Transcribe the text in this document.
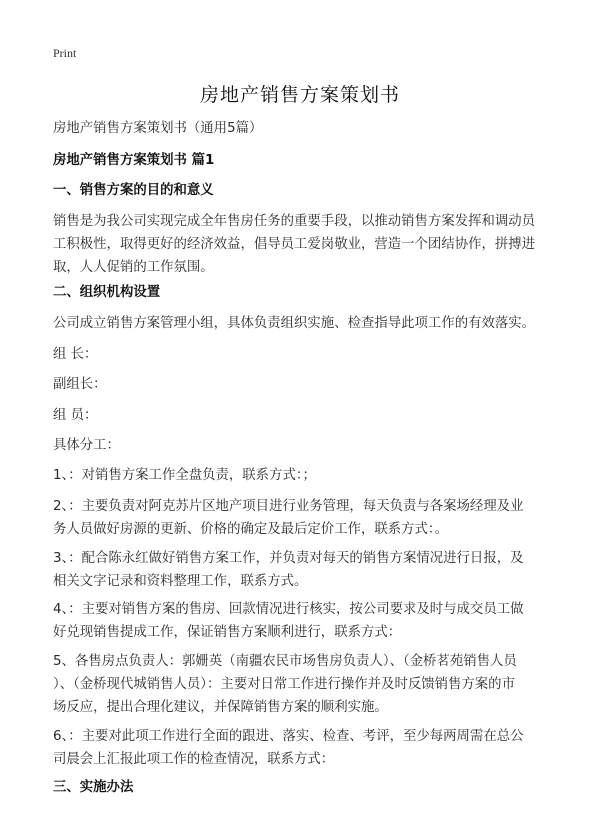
Print
房地产销售方案策划书
房地产销售方案策划书（通用5篇）
房地产销售方案策划书 篇1
一、销售方案的目的和意义
销售是为我公司实现完成全年售房任务的重要手段，以推动销售方案发挥和调动员
工积极性，取得更好的经济效益，倡导员工爱岗敬业，营造一个团结协作，拼搏进
取，人人促销的工作氛围。
二、组织机构设置
公司成立销售方案管理小组，具体负责组织实施、检查指导此项工作的有效落实。
组 长：
副组长：
组 员：
具体分工：
1、：对销售方案工作全盘负责，联系方式：；
2、：主要负责对阿克苏片区地产项目进行业务管理，每天负责与各案场经理及业
务人员做好房源的更新、价格的确定及最后定价工作，联系方式：。
3、：配合陈永红做好销售方案工作，并负责对每天的销售方案情况进行日报，及
相关文字记录和资料整理工作，联系方式。
4、：主要对销售方案的售房、回款情况进行核实，按公司要求及时与成交员工做
好兑现销售提成工作，保证销售方案顺利进行，联系方式：
5、各售房点负责人：郭姗英（南疆农民市场售房负责人）、（金桥茗苑销售人员
）、（金桥现代城销售人员）：主要对日常工作进行操作并及时反馈销售方案的市
场反应，提出合理化建议，并保障销售方案的顺利实施。
6、：主要对此项工作进行全面的跟进、落实、检查、考评，至少每两周需在总公
司晨会上汇报此项工作的检查情况，联系方式：
三、实施办法
